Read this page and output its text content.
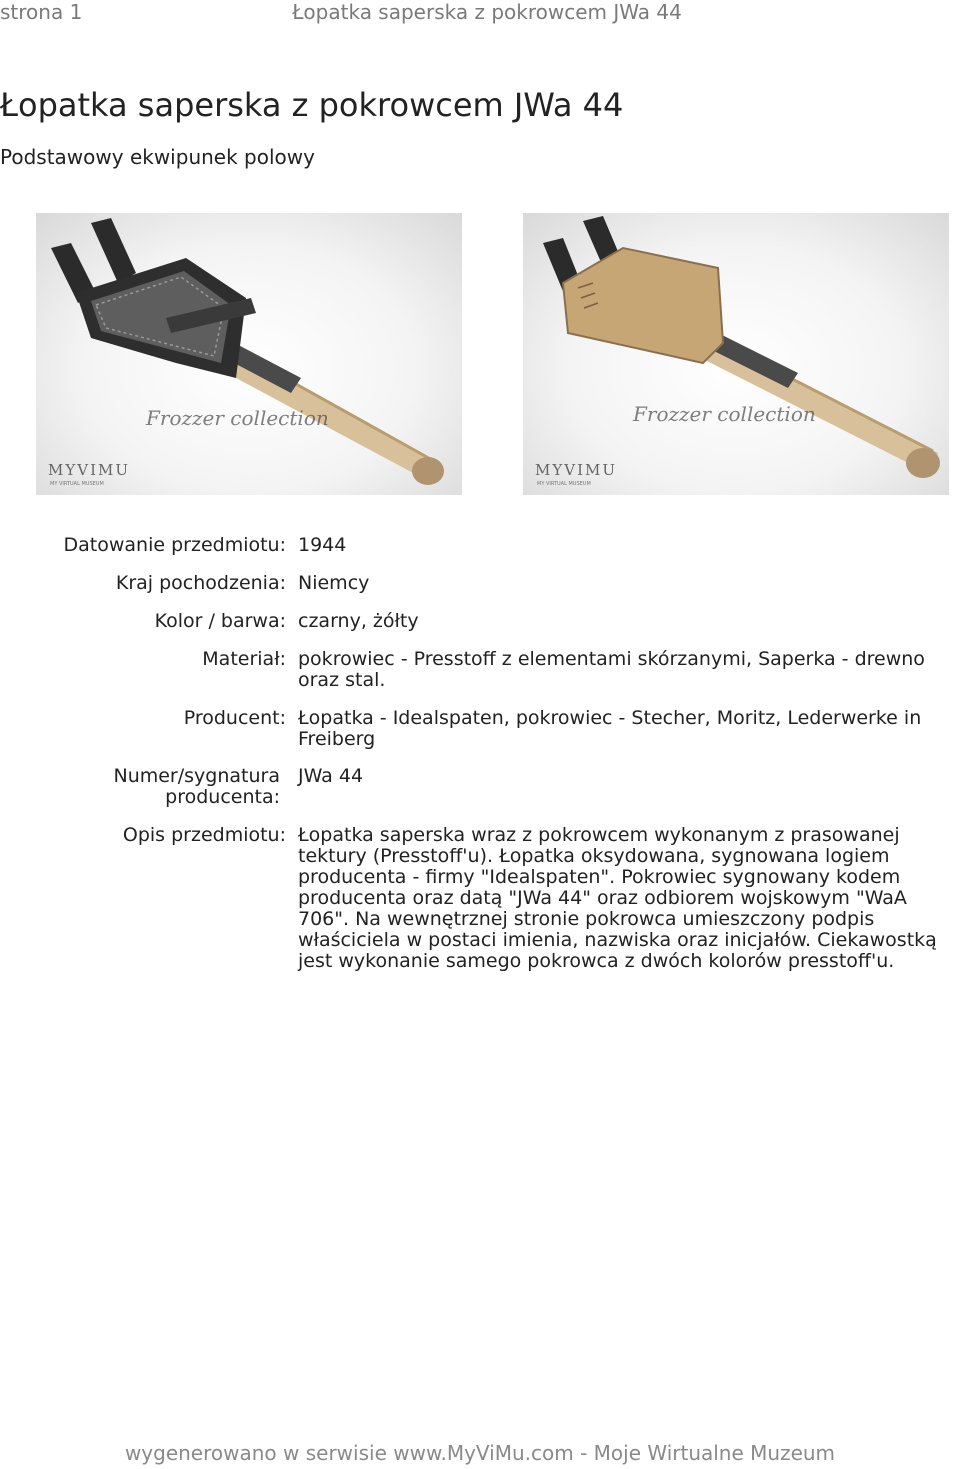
strona 1	Łopatka saperska z pokrowcem JWa 44
Łopatka saperska z pokrowcem JWa 44
Podstawowy ekwipunek polowy
Frozzer collection
MYVIMU
MY VIRTUAL MUSEUM
Frozzer collection
MYVIMU
MY VIRTUAL MUSEUM
Datowanie przedmiotu: 1944
Kraj pochodzenia: Niemcy
Kolor / barwa: czarny, żółty
Materiał: pokrowiec - Presstoff z elementami skórzanymi, Saperka - drewno oraz stal.
Producent: Łopatka - Idealspaten, pokrowiec - Stecher, Moritz, Lederwerke in Freiberg
Numer/sygnatura producenta:
JWa 44
Opis przedmiotu: Łopatka saperska wraz z pokrowcem wykonanym z prasowanej tektury (Presstoff'u). Łopatka oksydowana, sygnowana logiem producenta - firmy "Idealspaten". Pokrowiec sygnowany kodem producenta oraz datą "JWa 44" oraz odbiorem wojskowym "WaA 706". Na wewnętrznej stronie pokrowca umieszczony podpis właściciela w postaci imienia, nazwiska oraz inicjałów. Ciekawostką jest wykonanie samego pokrowca z dwóch kolorów presstoff'u.
wygenerowano w serwisie www.MyViMu.com - Moje Wirtualne Muzeum
